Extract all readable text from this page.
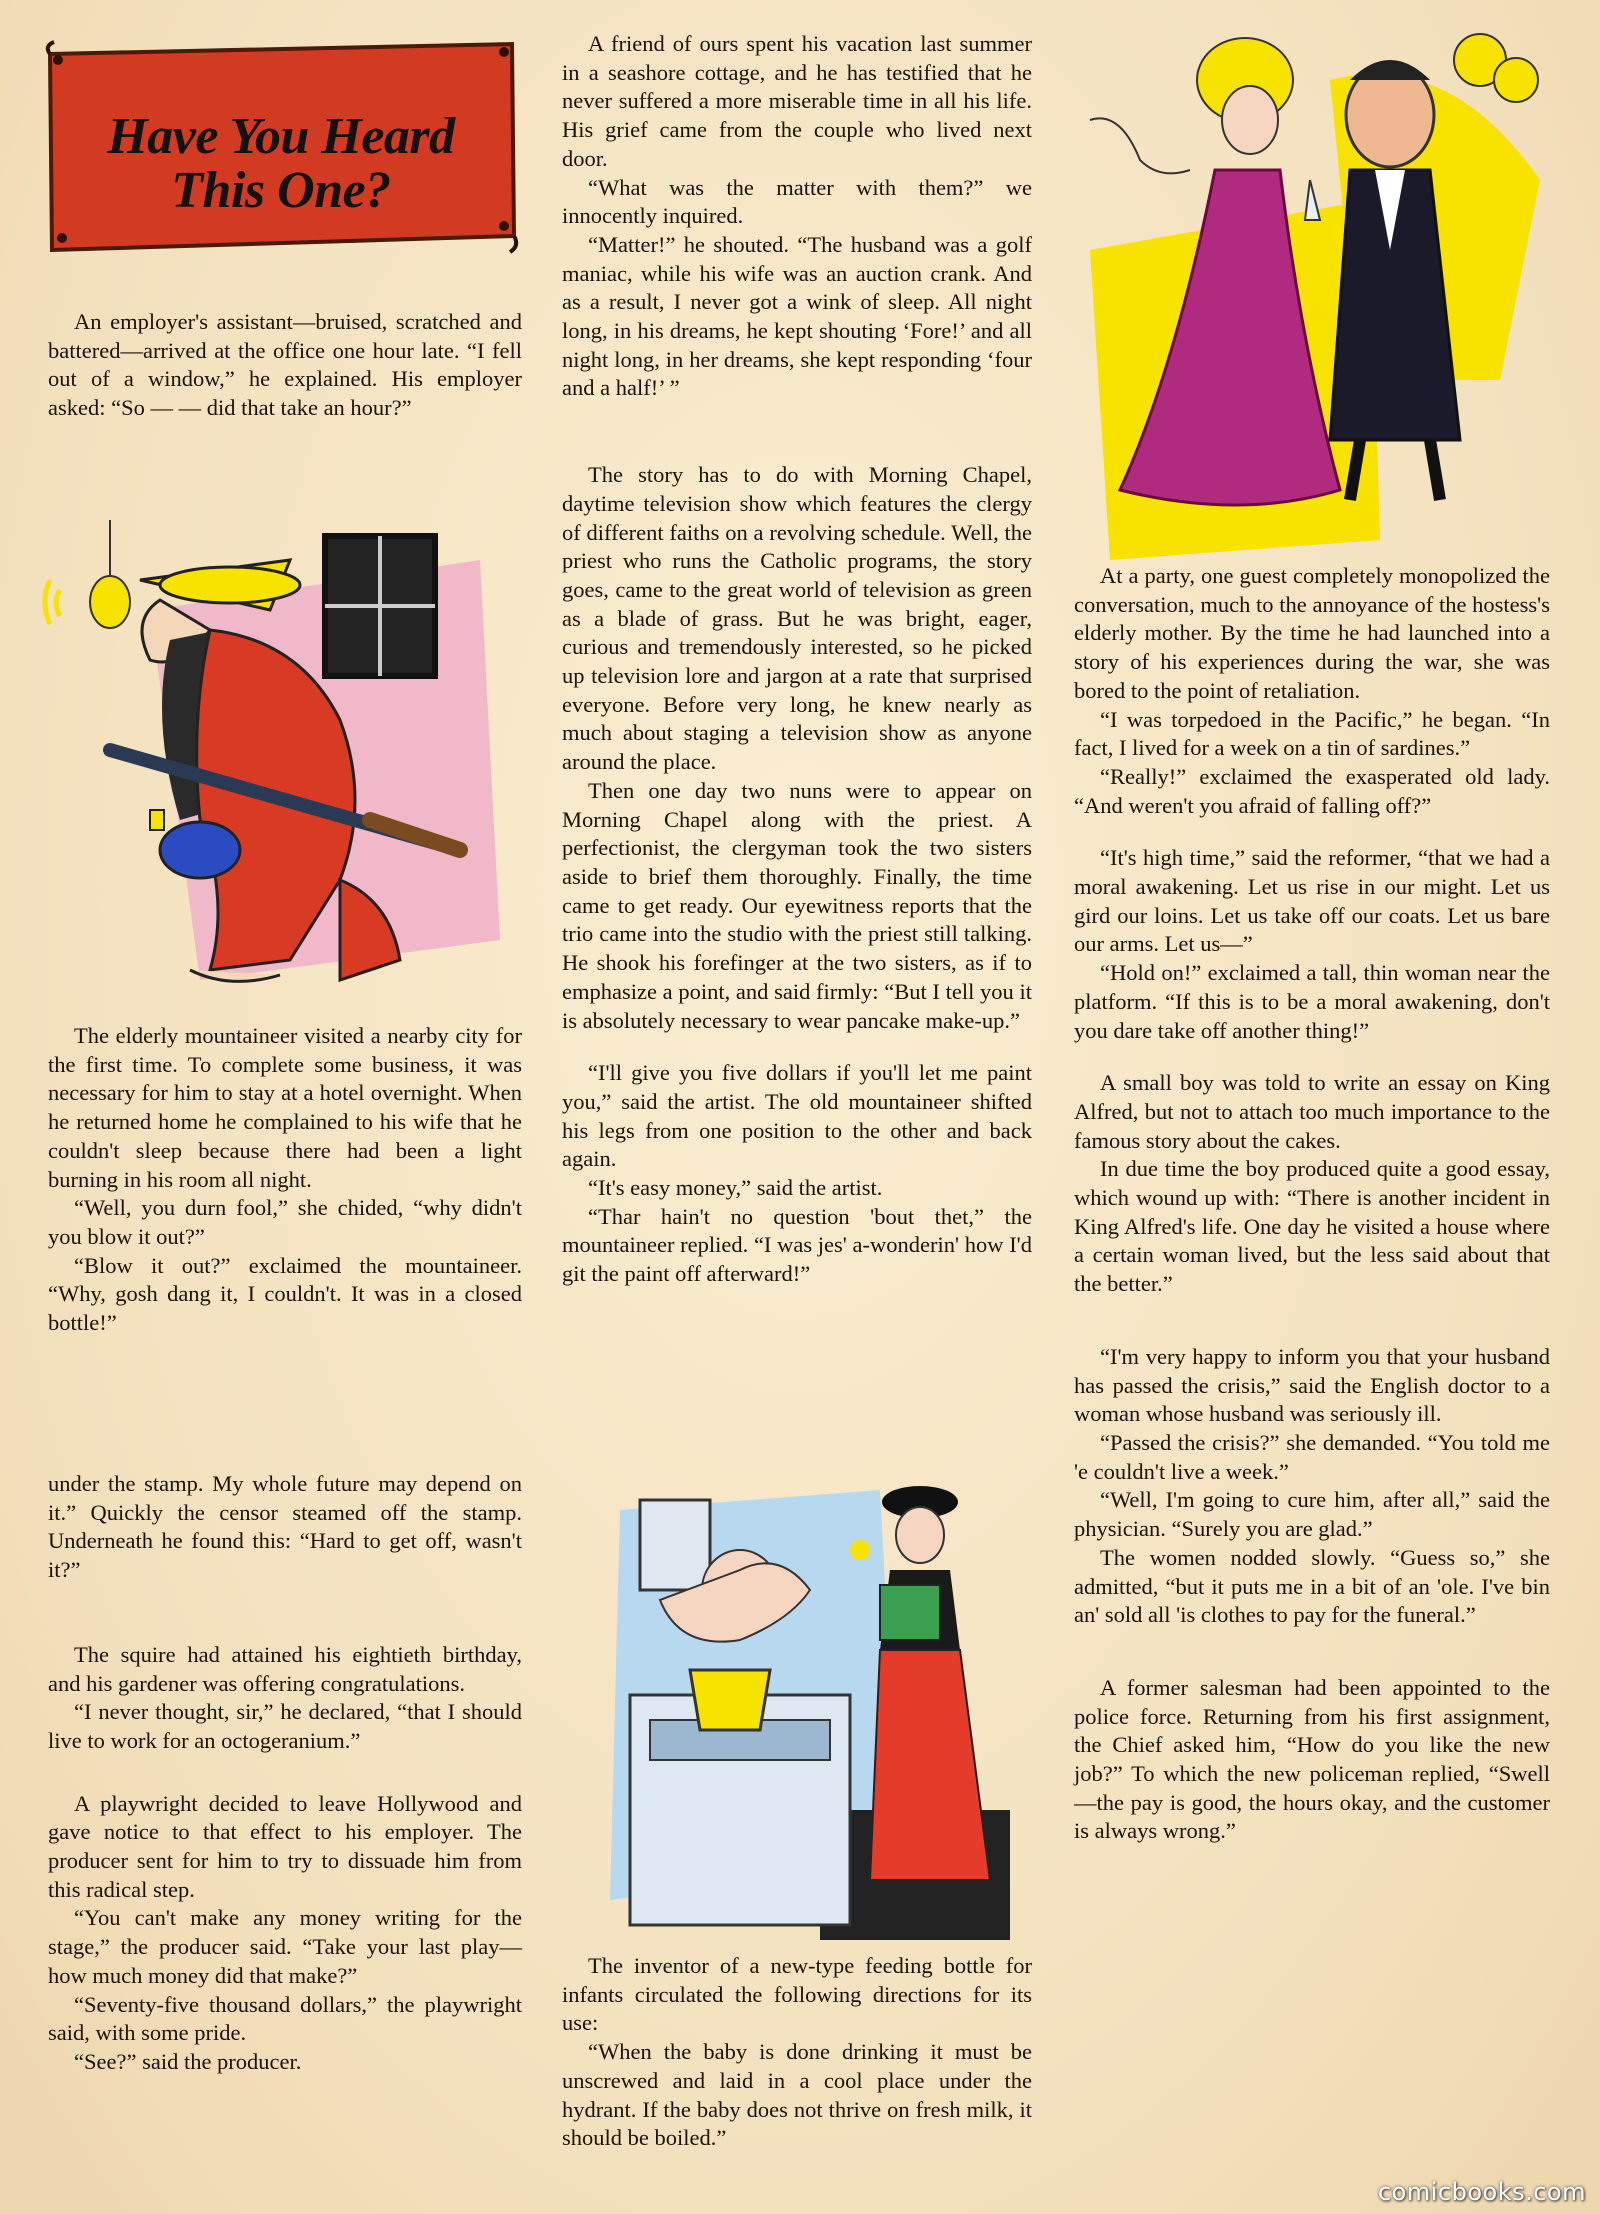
Have You Heard
This One?

An employer's assistant—bruised, scratched and battered—arrived at the office one hour late. “I fell out of a window,” he explained. His employer asked: “So — — did that take an hour?”

The elderly mountaineer visited a nearby city for the first time. To complete some business, it was necessary for him to stay at a hotel overnight. When he returned home he complained to his wife that he couldn't sleep because there had been a light burning in his room all night.

“Well, you durn fool,” she chided, “why didn't you blow it out?”

“Blow it out?” exclaimed the mountaineer. “Why, gosh dang it, I couldn't. It was in a closed bottle!”

under the stamp. My whole future may depend on it.” Quickly the censor steamed off the stamp. Underneath he found this: “Hard to get off, wasn't it?”

The squire had attained his eightieth birthday, and his gardener was offering congratulations.

“I never thought, sir,” he declared, “that I should live to work for an octogeranium.”

A playwright decided to leave Hollywood and gave notice to that effect to his employer. The producer sent for him to try to dissuade him from this radical step.

“You can't make any money writing for the stage,” the producer said. “Take your last play—how much money did that make?”

“Seventy-five thousand dollars,” the playwright said, with some pride.

“See?” said the producer.

A friend of ours spent his vacation last summer in a seashore cottage, and he has testified that he never suffered a more miserable time in all his life. His grief came from the couple who lived next door.

“What was the matter with them?” we innocently inquired.

“Matter!” he shouted. “The husband was a golf maniac, while his wife was an auction crank. And as a result, I never got a wink of sleep. All night long, in his dreams, he kept shouting ‘Fore!’ and all night long, in her dreams, she kept responding ‘four and a half!’ ”

The story has to do with Morning Chapel, daytime television show which features the clergy of different faiths on a revolving schedule. Well, the priest who runs the Catholic programs, the story goes, came to the great world of television as green as a blade of grass. But he was bright, eager, curious and tremendously interested, so he picked up television lore and jargon at a rate that surprised everyone. Before very long, he knew nearly as much about staging a television show as anyone around the place.

Then one day two nuns were to appear on Morning Chapel along with the priest. A perfectionist, the clergyman took the two sisters aside to brief them thoroughly. Finally, the time came to get ready. Our eyewitness reports that the trio came into the studio with the priest still talking. He shook his forefinger at the two sisters, as if to emphasize a point, and said firmly: “But I tell you it is absolutely necessary to wear pancake make-up.”

“I'll give you five dollars if you'll let me paint you,” said the artist. The old mountaineer shifted his legs from one position to the other and back again.

“It's easy money,” said the artist.

“Thar hain't no question 'bout thet,” the mountaineer replied. “I was jes' a-wonderin' how I'd git the paint off afterward!”

The inventor of a new-type feeding bottle for infants circulated the following directions for its use:

“When the baby is done drinking it must be unscrewed and laid in a cool place under the hydrant. If the baby does not thrive on fresh milk, it should be boiled.”

At a party, one guest completely monopolized the conversation, much to the annoyance of the hostess's elderly mother. By the time he had launched into a story of his experiences during the war, she was bored to the point of retaliation.

“I was torpedoed in the Pacific,” he began. “In fact, I lived for a week on a tin of sardines.”

“Really!” exclaimed the exasperated old lady. “And weren't you afraid of falling off?”

“It's high time,” said the reformer, “that we had a moral awakening. Let us rise in our might. Let us gird our loins. Let us take off our coats. Let us bare our arms. Let us—”

“Hold on!” exclaimed a tall, thin woman near the platform. “If this is to be a moral awakening, don't you dare take off another thing!”

A small boy was told to write an essay on King Alfred, but not to attach too much importance to the famous story about the cakes.

In due time the boy produced quite a good essay, which wound up with: “There is another incident in King Alfred's life. One day he visited a house where a certain woman lived, but the less said about that the better.”

“I'm very happy to inform you that your husband has passed the crisis,” said the English doctor to a woman whose husband was seriously ill.

“Passed the crisis?” she demanded. “You told me 'e couldn't live a week.”

“Well, I'm going to cure him, after all,” said the physician. “Surely you are glad.”

The women nodded slowly. “Guess so,” she admitted, “but it puts me in a bit of an 'ole. I've bin an' sold all 'is clothes to pay for the funeral.”

A former salesman had been appointed to the police force. Returning from his first assignment, the Chief asked him, “How do you like the new job?” To which the new policeman replied, “Swell—the pay is good, the hours okay, and the customer is always wrong.”

comicbooks.com
